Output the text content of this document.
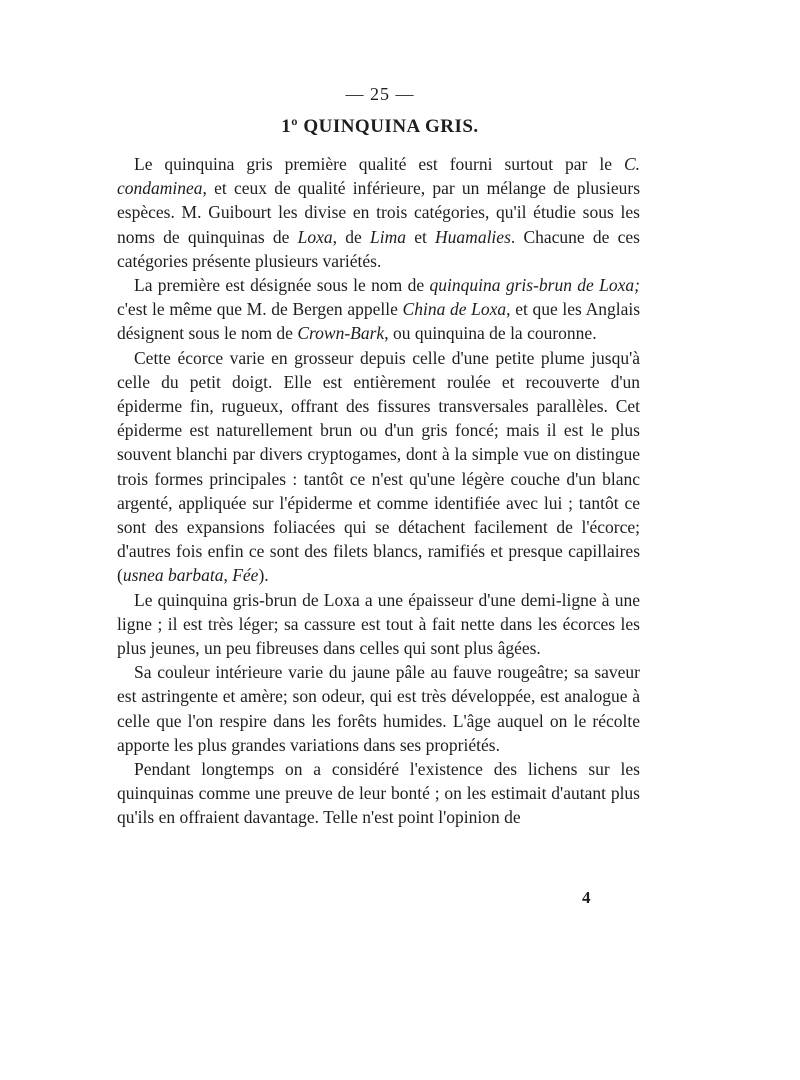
— 25 —
1º QUINQUINA GRIS.

Le quinquina gris première qualité est fourni surtout par le C. condaminea, et ceux de qualité inférieure, par un mélange de plusieurs espèces. M. Guibourt les divise en trois catégories, qu'il étudie sous les noms de quinquinas de Loxa, de Lima et Huamalies. Chacune de ces catégories présente plusieurs variétés.

La première est désignée sous le nom de quinquina gris-brun de Loxa; c'est le même que M. de Bergen appelle China de Loxa, et que les Anglais désignent sous le nom de Crown-Bark, ou quinquina de la couronne.

Cette écorce varie en grosseur depuis celle d'une petite plume jusqu'à celle du petit doigt. Elle est entièrement roulée et recouverte d'un épiderme fin, rugueux, offrant des fissures transversales parallèles. Cet épiderme est naturellement brun ou d'un gris foncé; mais il est le plus souvent blanchi par divers cryptogames, dont à la simple vue on distingue trois formes principales : tantôt ce n'est qu'une légère couche d'un blanc argenté, appliquée sur l'épiderme et comme identifiée avec lui ; tantôt ce sont des expansions foliacées qui se détachent facilement de l'écorce; d'autres fois enfin ce sont des filets blancs, ramifiés et presque capillaires (usnea barbata, Fée).

Le quinquina gris-brun de Loxa a une épaisseur d'une demi-ligne à une ligne ; il est très léger; sa cassure est tout à fait nette dans les écorces les plus jeunes, un peu fibreuses dans celles qui sont plus âgées.

Sa couleur intérieure varie du jaune pâle au fauve rougeâtre; sa saveur est astringente et amère; son odeur, qui est très développée, est analogue à celle que l'on respire dans les forêts humides. L'âge auquel on le récolte apporte les plus grandes variations dans ses propriétés.

Pendant longtemps on a considéré l'existence des lichens sur les quinquinas comme une preuve de leur bonté ; on les estimait d'autant plus qu'ils en offraient davantage. Telle n'est point l'opinion de

4
